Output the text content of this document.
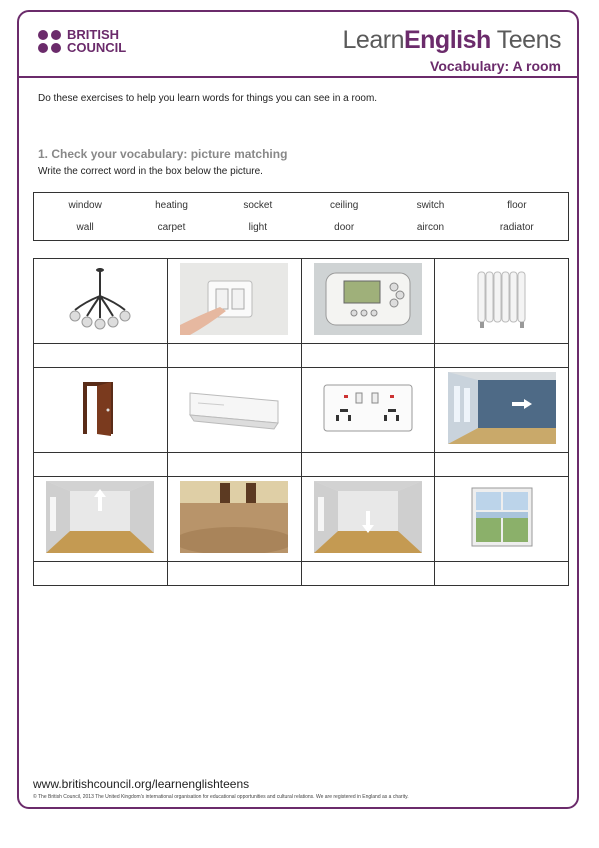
BRITISH
COUNCIL	LearnEnglish Teens
Vocabulary: A room
Do these exercises to help you learn words for things you can see in a room.
1. Check your vocabulary: picture matching
Write the correct word in the box below the picture.
window	heating	socket	ceiling	switch	floor
wall	carpet	light	door	aircon	radiator

www.britishcouncil.org/learnenglishteens
© The British Council, 2013 The United Kingdom's international organisation for educational opportunities and cultural relations. We are registered in England as a charity.
